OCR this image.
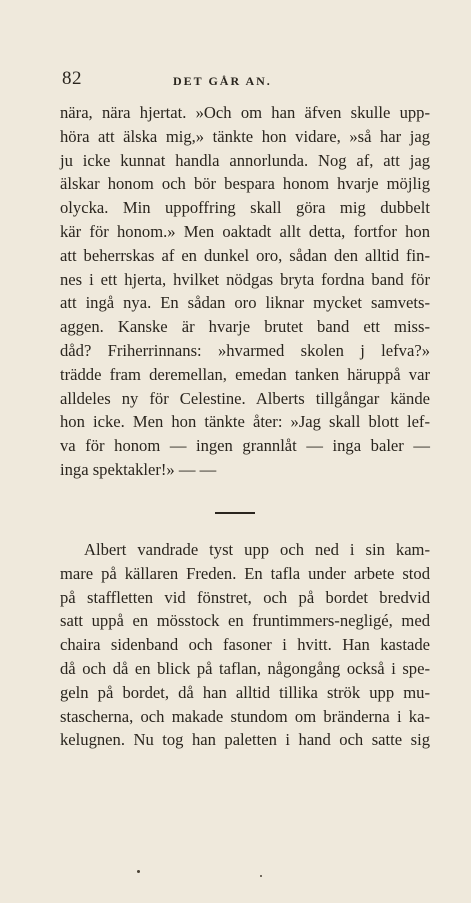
82	DET GÅR AN.
nära, nära hjertat. »Och om han äfven skulle upp-
höra att älska mig,» tänkte hon vidare, »så har jag
ju icke kunnat handla annorlunda. Nog af, att jag
älskar honom och bör bespara honom hvarje möjlig
olycka. Min uppoffring skall göra mig dubbelt
kär för honom.» Men oaktadt allt detta, fortfor hon
att beherrskas af en dunkel oro, sådan den alltid fin-
nes i ett hjerta, hvilket nödgas bryta fordna band för
att ingå nya. En sådan oro liknar mycket samvets-
aggen. Kanske är hvarje brutet band ett miss-
dåd? Friherrinnans: »hvarmed skolen j lefva?»
trädde fram deremellan, emedan tanken häruppå var
alldeles ny för Celestine. Alberts tillgångar kände
hon icke. Men hon tänkte åter: »Jag skall blott lef-
va för honom — ingen grannlåt — inga baler —
inga spektakler!» — —
Albert vandrade tyst upp och ned i sin kam-
mare på källaren Freden. En tafla under arbete stod
på staffletten vid fönstret, och på bordet bredvid
satt uppå en mösstock en fruntimmers-negligé, med
chaira sidenband och fasoner i hvitt. Han kastade
då och då en blick på taflan, någongång också i spe-
geln på bordet, då han alltid tillika strök upp mu-
stascherna, och makade stundom om bränderna i ka-
kelugnen. Nu tog han paletten i hand och satte sig
